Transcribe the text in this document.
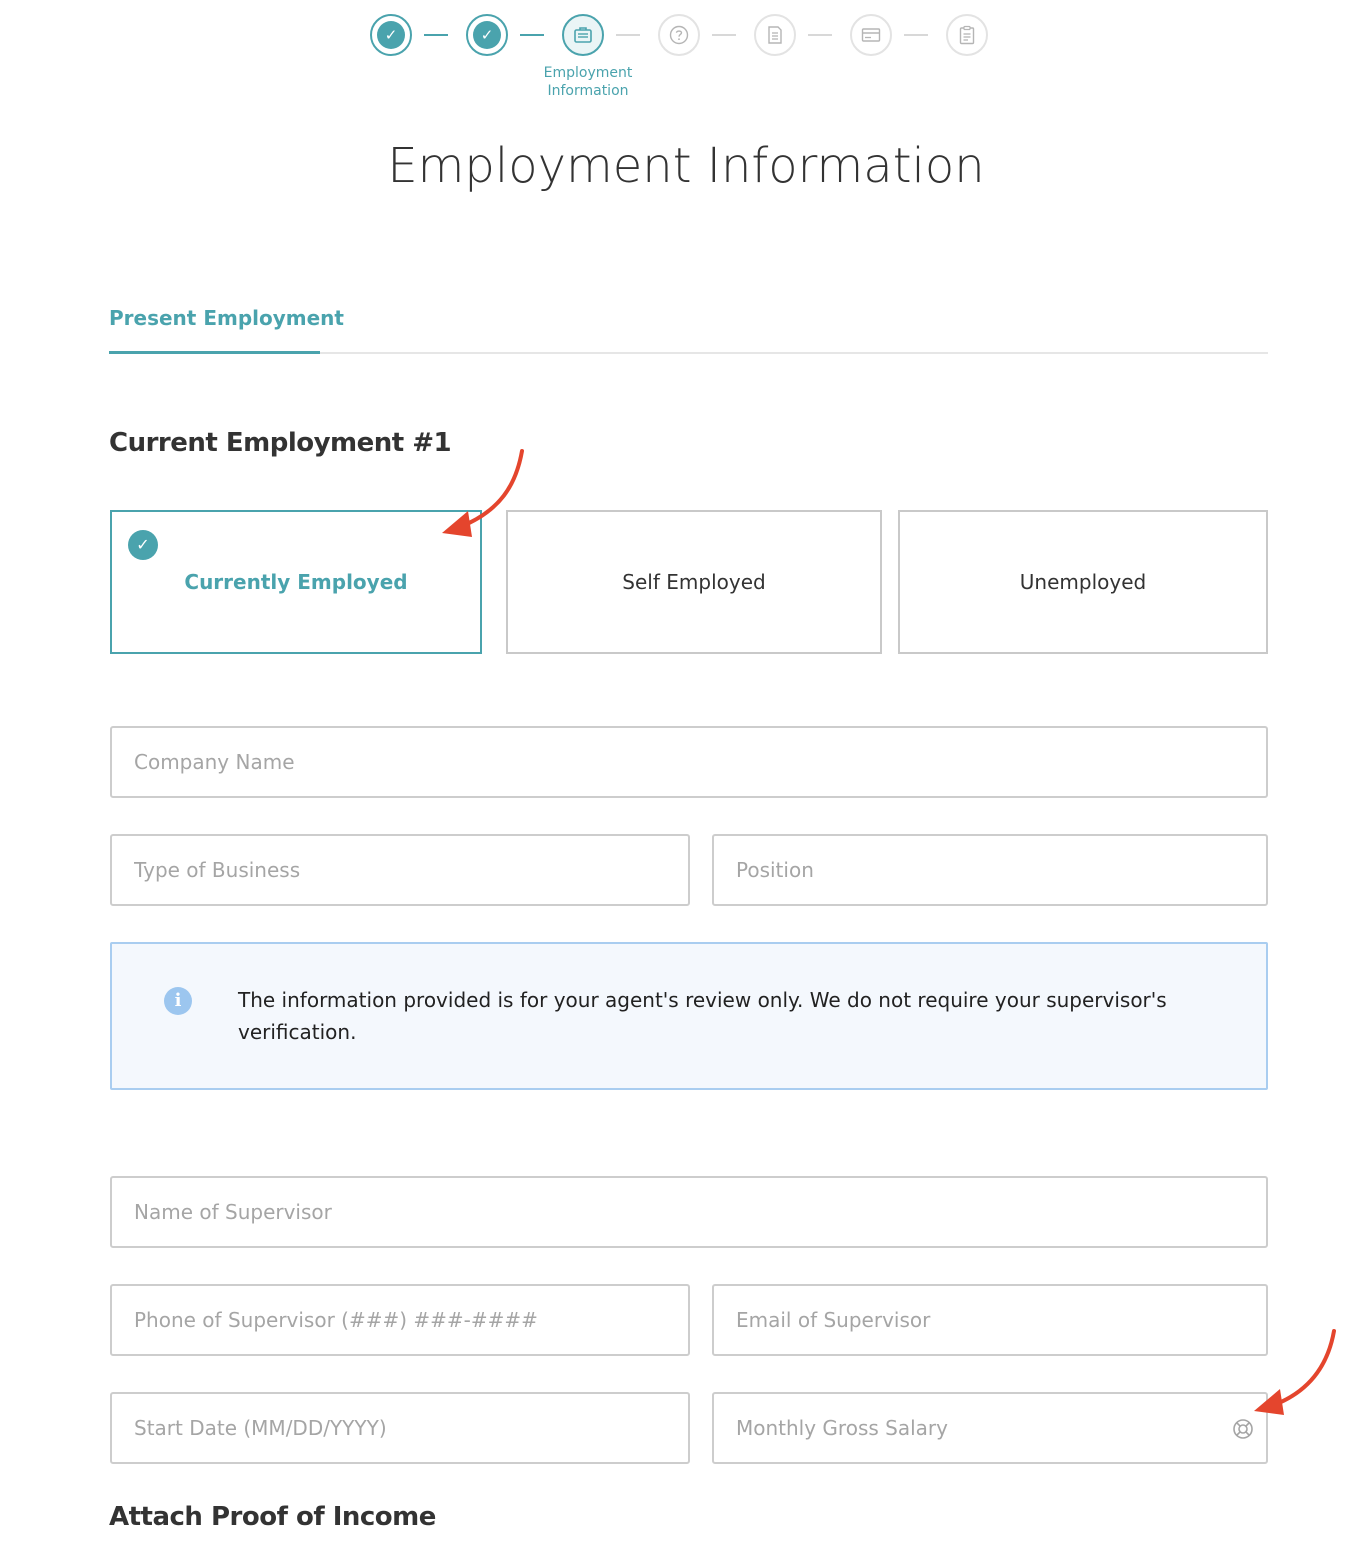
✓	✓
Employment
Information
Employment Information
Present Employment
Current Employment #1
✓
Currently Employed	Self Employed	Unemployed
Company Name
Type of Business
Position
i	The information provided is for your agent's review only. We do not require your supervisor's
verification.
Name of Supervisor
Phone of Supervisor (###) ###-####
Email of Supervisor
Start Date (MM/DD/YYYY)
Monthly Gross Salary
Attach Proof of Income
